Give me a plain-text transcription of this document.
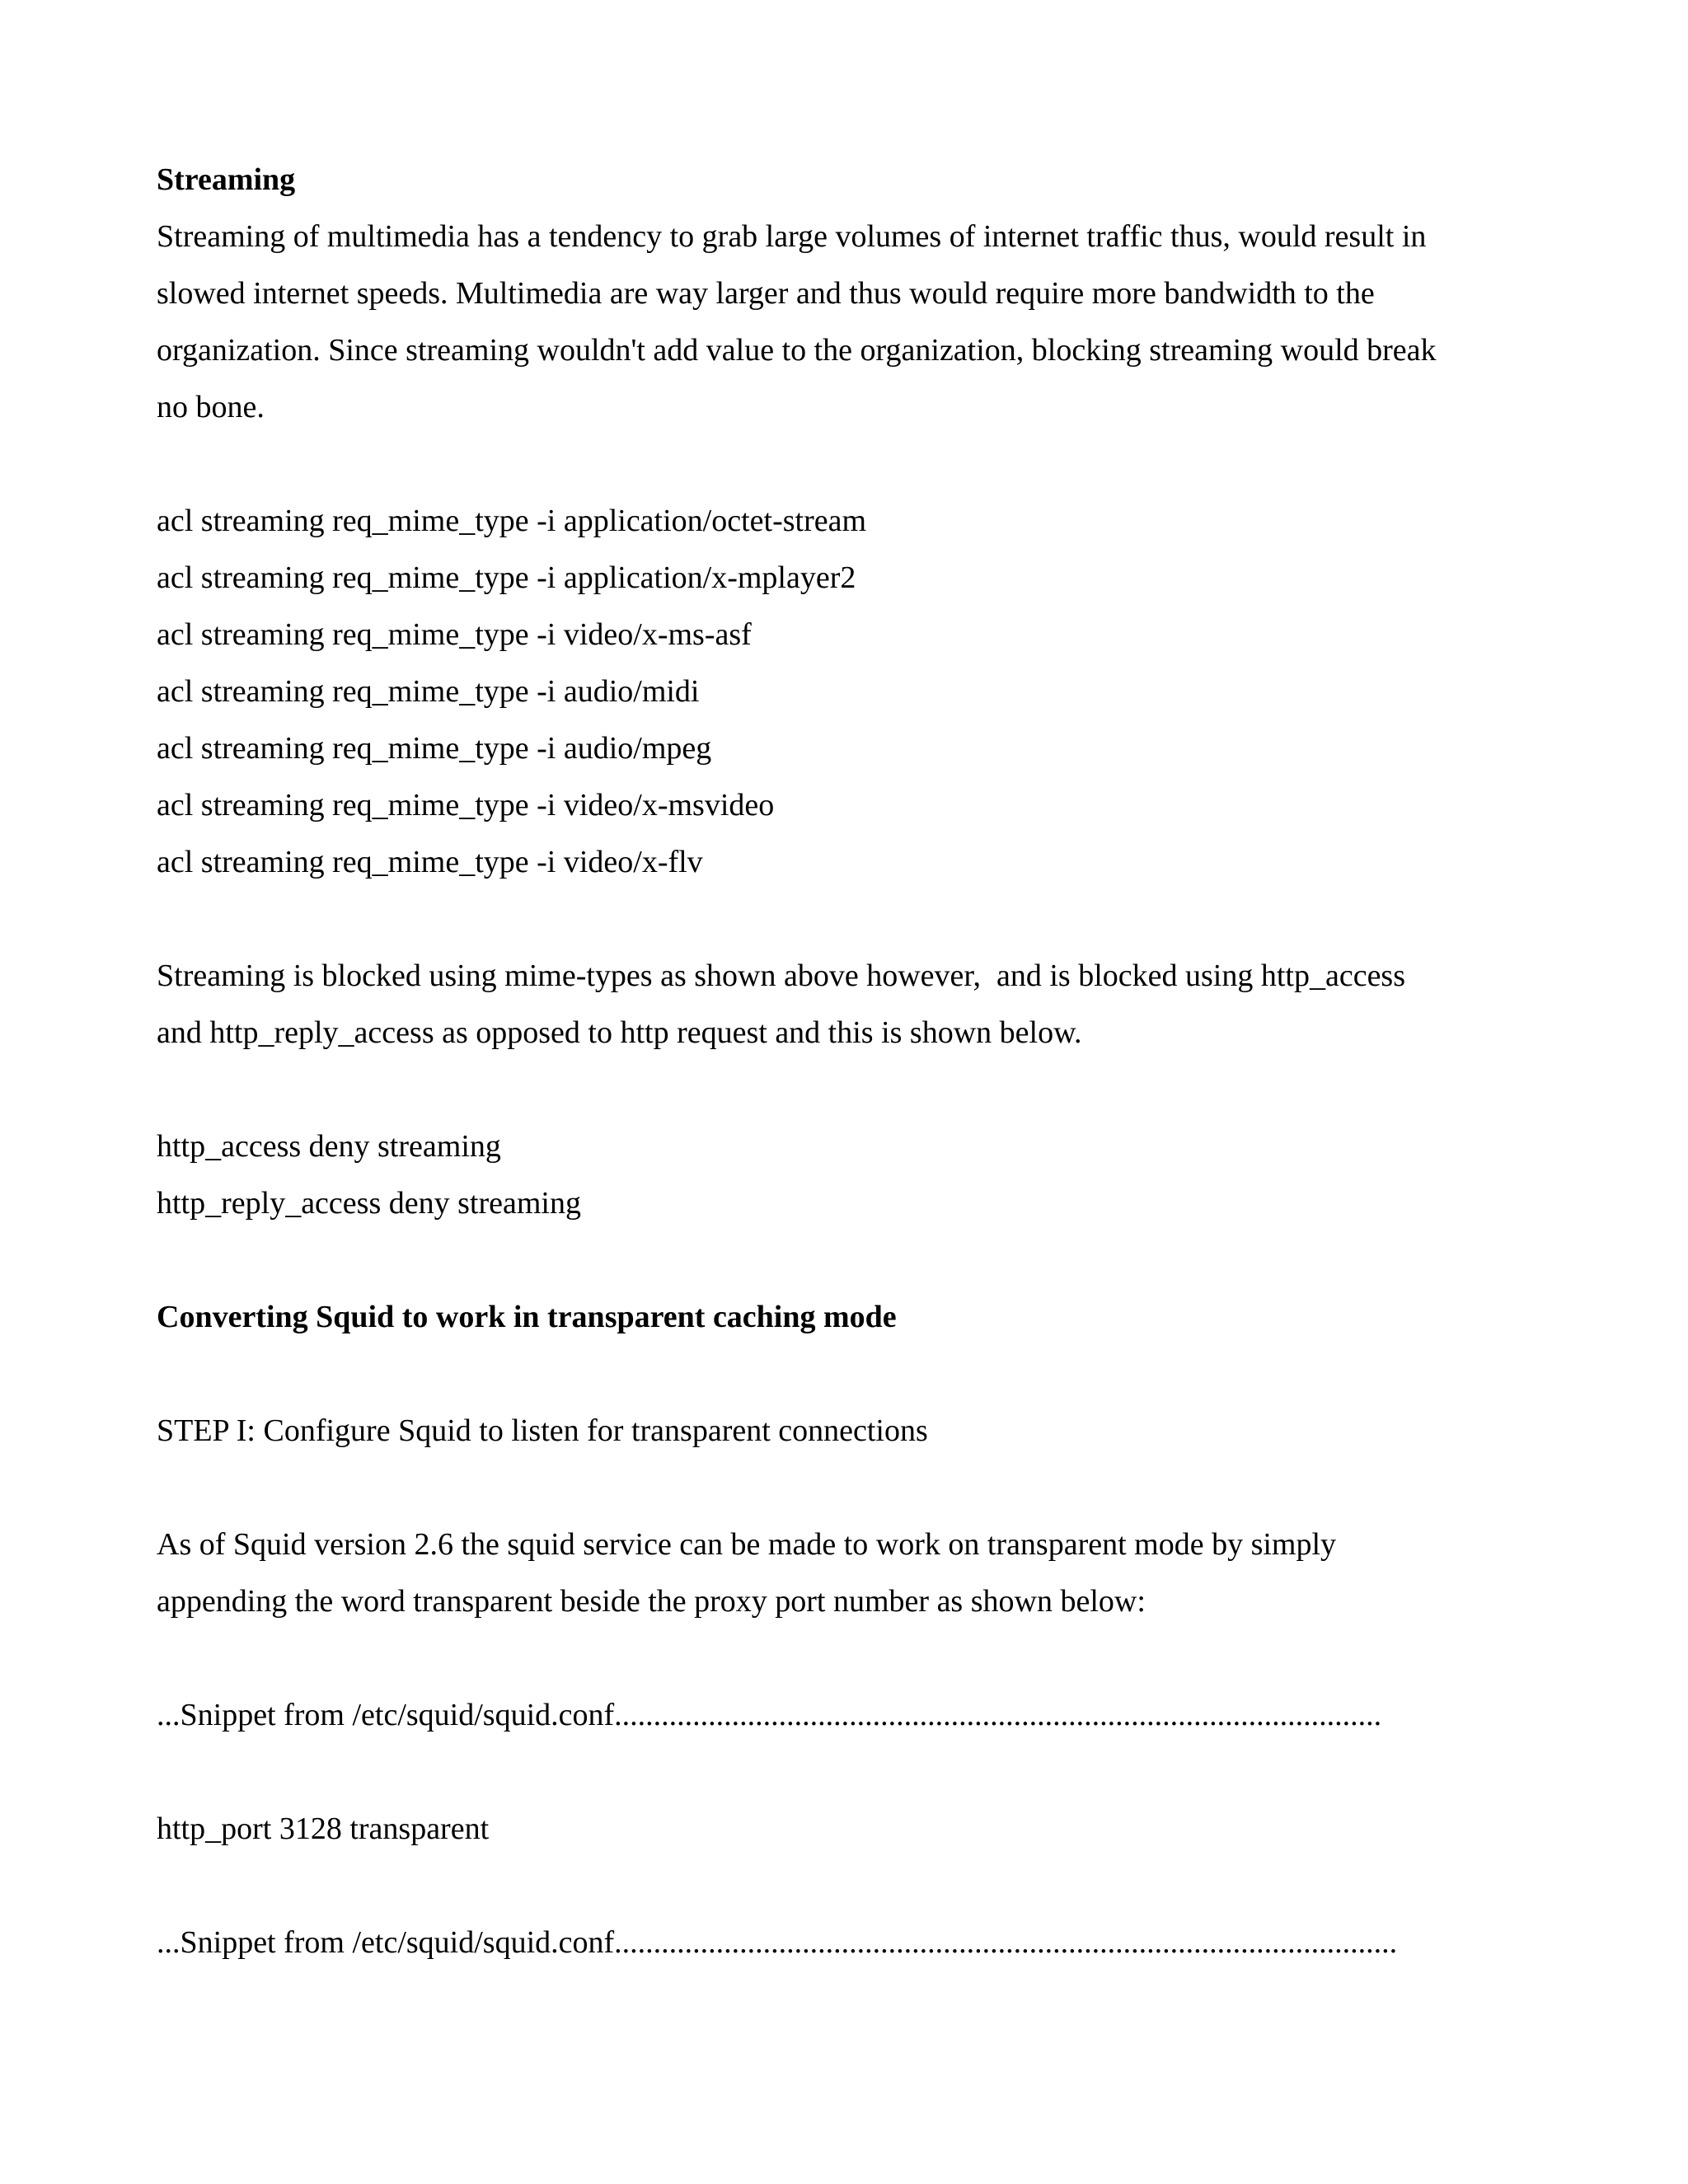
Streaming
Streaming of multimedia has a tendency to grab large volumes of internet traffic thus, would result in
slowed internet speeds. Multimedia are way larger and thus would require more bandwidth to the
organization. Since streaming wouldn't add value to the organization, blocking streaming would break
no bone.
acl streaming req_mime_type -i application/octet-stream
acl streaming req_mime_type -i application/x-mplayer2
acl streaming req_mime_type -i video/x-ms-asf
acl streaming req_mime_type -i audio/midi
acl streaming req_mime_type -i audio/mpeg
acl streaming req_mime_type -i video/x-msvideo
acl streaming req_mime_type -i video/x-flv
Streaming is blocked using mime-types as shown above however,  and is blocked using http_access
and http_reply_access as opposed to http request and this is shown below.
http_access deny streaming
http_reply_access deny streaming
Converting Squid to work in transparent caching mode
STEP I: Configure Squid to listen for transparent connections
As of Squid version 2.6 the squid service can be made to work on transparent mode by simply
appending the word transparent beside the proxy port number as shown below:
...Snippet from /etc/squid/squid.conf..................................................................................................
http_port 3128 transparent
...Snippet from /etc/squid/squid.conf....................................................................................................
